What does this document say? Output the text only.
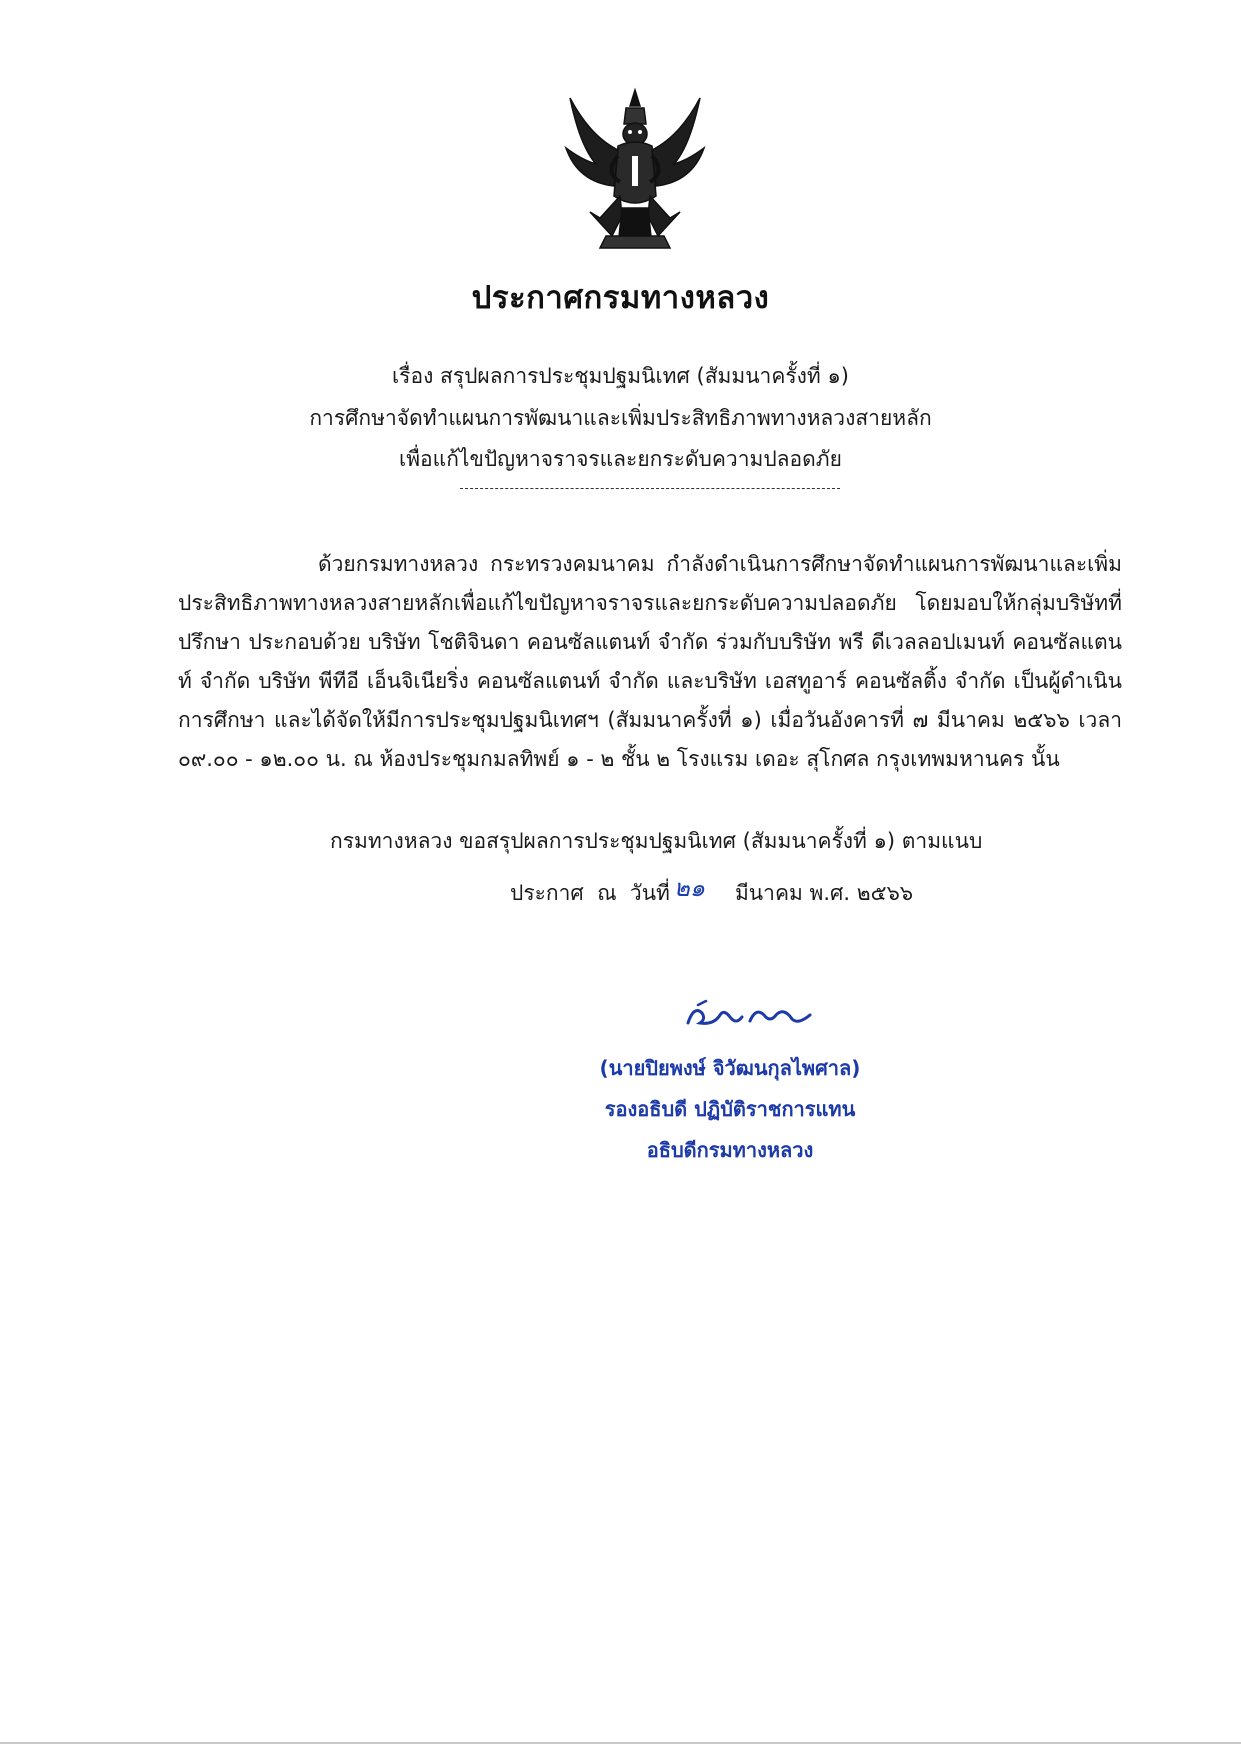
ประกาศกรมทางหลวง
เรื่อง สรุปผลการประชุมปฐมนิเทศ (สัมมนาครั้งที่ ๑)
การศึกษาจัดทำแผนการพัฒนาและเพิ่มประสิทธิภาพทางหลวงสายหลัก
เพื่อแก้ไขปัญหาจราจรและยกระดับความปลอดภัย
ด้วยกรมทางหลวง กระทรวงคมนาคม กำลังดำเนินการศึกษาจัดทำแผนการพัฒนาและเพิ่มประสิทธิภาพทางหลวงสายหลักเพื่อแก้ไขปัญหาจราจรและยกระดับความปลอดภัย โดยมอบให้กลุ่มบริษัทที่ปรึกษา ประกอบด้วย บริษัท โชติจินดา คอนซัลแตนท์ จำกัด ร่วมกับบริษัท พรี ดีเวลลอปเมนท์ คอนซัลแตนท์ จำกัด บริษัท พีทีอี เอ็นจิเนียริ่ง คอนซัลแตนท์ จำกัด และบริษัท เอสทูอาร์ คอนซัลติ้ง จำกัด เป็นผู้ดำเนินการศึกษา และได้จัดให้มีการประชุมปฐมนิเทศฯ (สัมมนาครั้งที่ ๑) เมื่อวันอังคารที่ ๗ มีนาคม ๒๕๖๖ เวลา ๐๙.๐๐ - ๑๒.๐๐ น. ณ ห้องประชุมกมลทิพย์ ๑ - ๒ ชั้น ๒ โรงแรม เดอะ สุโกศล กรุงเทพมหานคร นั้น
กรมทางหลวง ขอสรุปผลการประชุมปฐมนิเทศ (สัมมนาครั้งที่ ๑) ตามแนบ
ประกาศ  ณ  วันที่ ๒๑ มีนาคม พ.ศ. ๒๕๖๖
(นายปิยพงษ์ จิวัฒนกุลไพศาล)
รองอธิบดี ปฏิบัติราชการแทน
อธิบดีกรมทางหลวง
